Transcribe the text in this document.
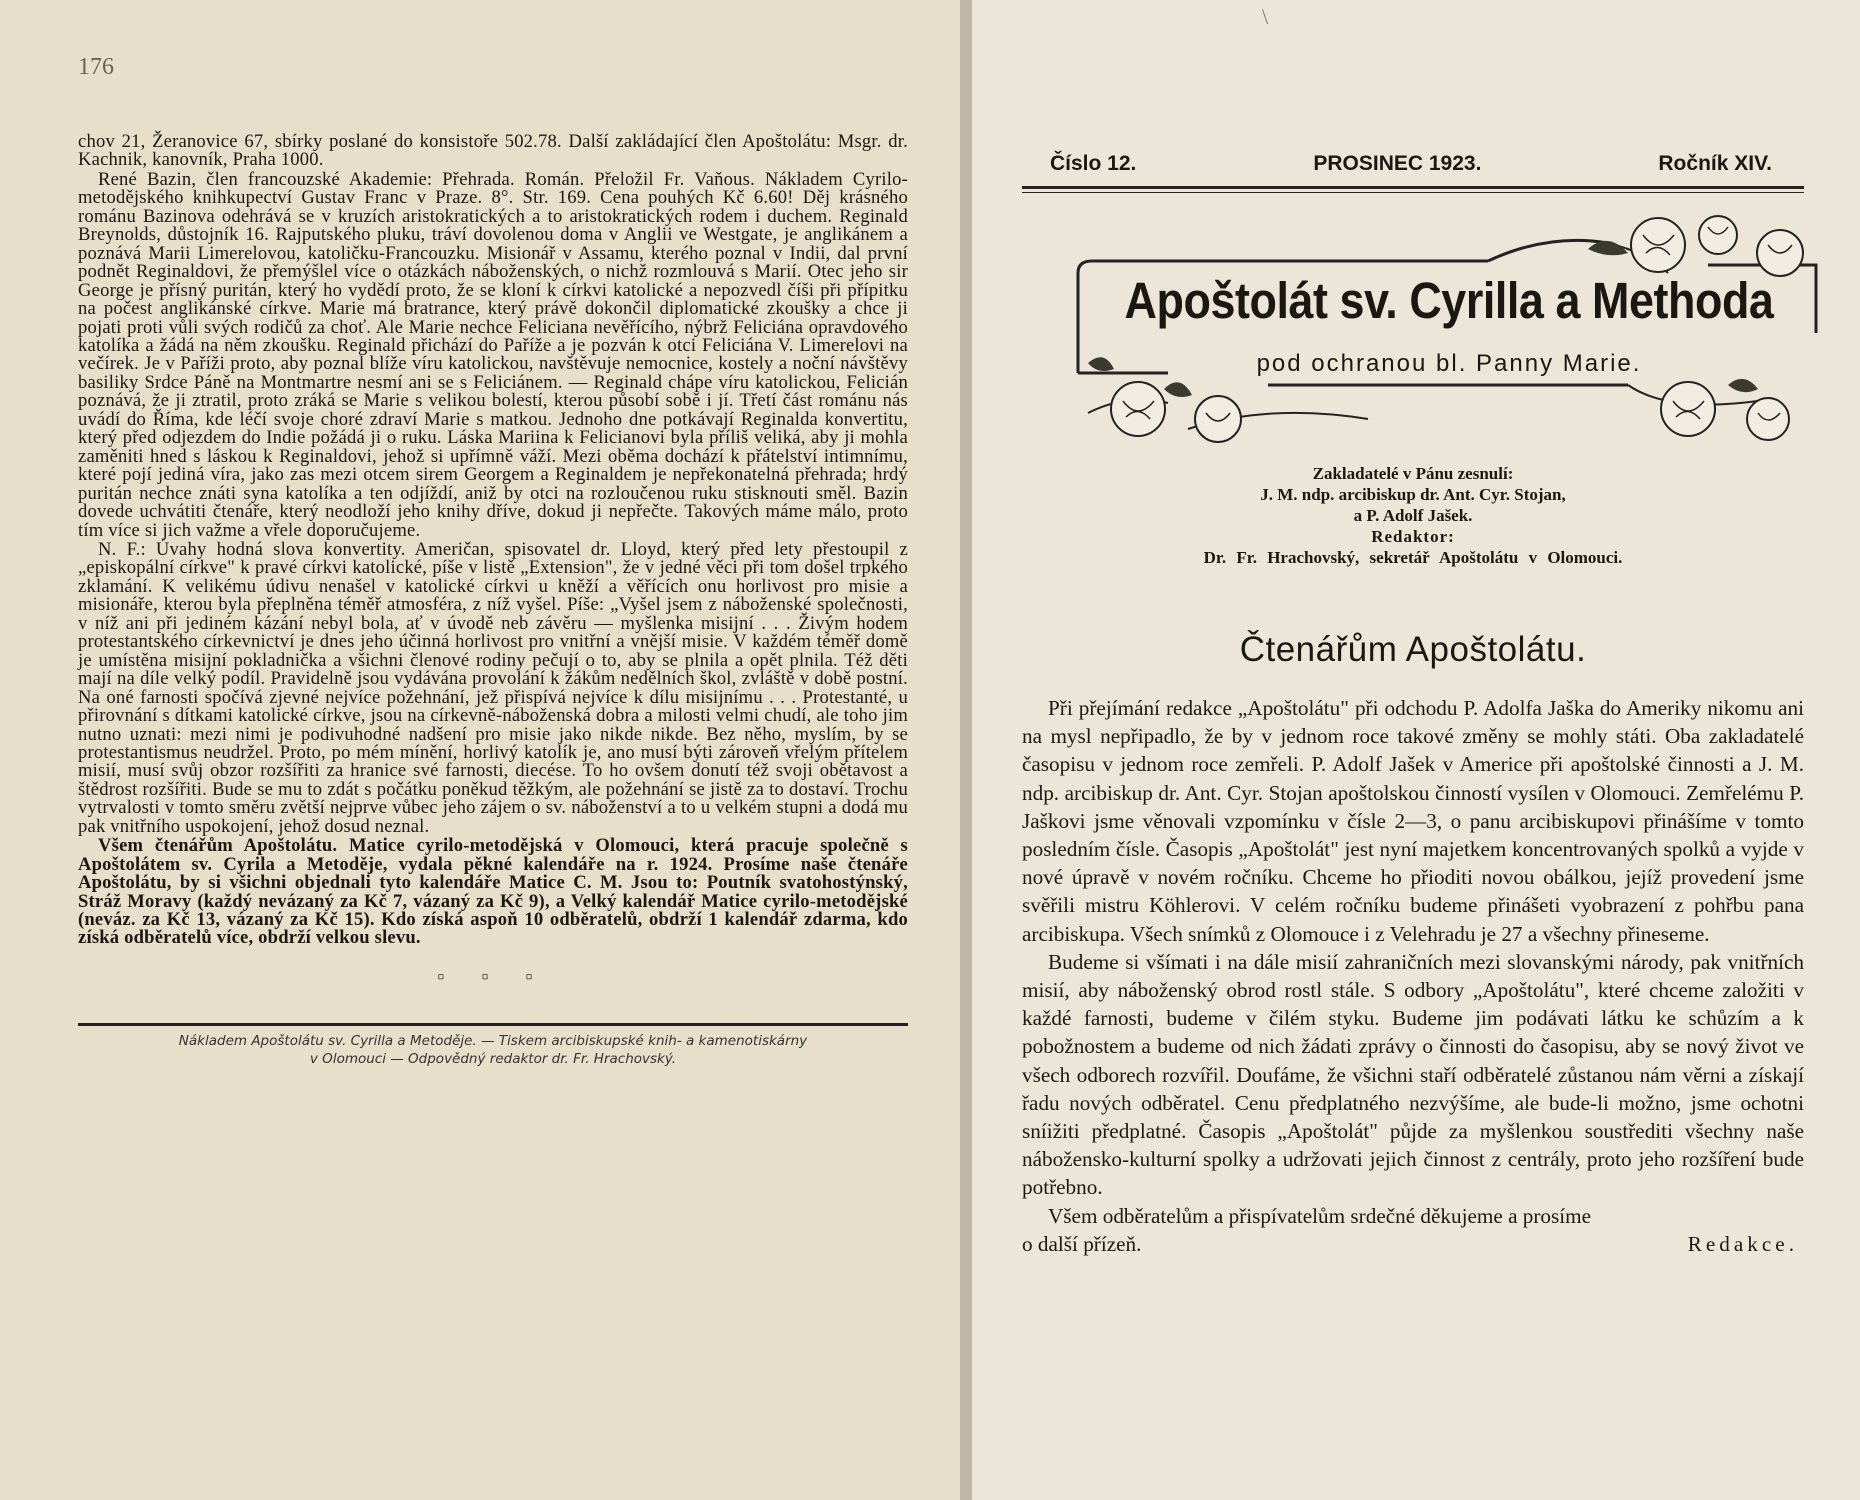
176

chov 21, Žeranovice 67, sbírky poslané do konsistoře 502.78. Další zakládající člen Apoštolátu: Msgr. dr. Kachnik, kanovník, Praha 1000.

René Bazin, člen francouzské Akademie: Přehrada. Román. Přeložil Fr. Vaňous. Nákladem Cyrilo-metodějského knihkupectví Gustav Franc v Praze. 8°. Str. 169. Cena pouhých Kč 6.60! Děj krásného románu Bazinova odehrává se v kruzích aristokratických a to aristokratických rodem i duchem. Reginald Breynolds, důstojník 16. Rajputského pluku, tráví dovolenou doma v Anglii ve Westgate, je anglikánem a poznává Marii Limerelovou, katoličku-Francouzku. Misionář v Assamu, kterého poznal v Indii, dal první podnět Reginaldovi, že přemýšlel více o otázkách náboženských, o nichž rozmlouvá s Marií. Otec jeho sir George je přísný puritán, který ho vydědí proto, že se kloní k církvi katolické a nepozvedl číši při přípitku na počest anglikánské církve. Marie má bratrance, který právě dokončil diplomatické zkoušky a chce ji pojati proti vůli svých rodičů za choť. Ale Marie nechce Feliciana nevěřícího, nýbrž Feliciána opravdového katolíka a žádá na něm zkoušku. Reginald přichází do Paříže a je pozván k otci Feliciána V. Limerelovi na večírek. Je v Paříži proto, aby poznal blíže víru katolickou, navštěvuje nemocnice, kostely a noční návštěvy basiliky Srdce Páně na Montmartre nesmí ani se s Feliciánem. — Reginald chápe víru katolickou, Felicián poznává, že ji ztratil, proto zráká se Marie s velikou bolestí, kterou působí sobě i jí. Třetí část románu nás uvádí do Říma, kde léčí svoje choré zdraví Marie s matkou. Jednoho dne potkávají Reginalda konvertitu, který před odjezdem do Indie požádá ji o ruku. Láska Mariina k Felicianovi byla příliš veliká, aby ji mohla zaměniti hned s láskou k Reginaldovi, jehož si upřímně váží. Mezi oběma dochází k přátelství intimnímu, které pojí jediná víra, jako zas mezi otcem sirem Georgem a Reginaldem je nepřekonatelná přehrada; hrdý puritán nechce znáti syna katolíka a ten odjíždí, aniž by otci na rozloučenou ruku stisknouti směl. Bazin dovede uchvátiti čtenáře, který neodloží jeho knihy dříve, dokud ji nepřečte. Takových máme málo, proto tím více si jich važme a vřele doporučujeme.

N. F.: Úvahy hodná slova konvertity. Američan, spisovatel dr. Lloyd, který před lety přestoupil z „episkopální církve" k pravé církvi katolické, píše v listě „Extension", že v jedné věci při tom došel trpkého zklamání. K velikému údivu nenašel v katolické církvi u kněží a věřících onu horlivost pro misie a misionáře, kterou byla přeplněna téměř atmosféra, z níž vyšel. Píše: „Vyšel jsem z náboženské společnosti, v níž ani při jediném kázání nebyl bola, ať v úvodě neb závěru — myšlenka misijní . . . Živým hodem protestantského církevnictví je dnes jeho účinná horlivost pro vnitřní a vnější misie. V každém téměř domě je umístěna misijní pokladnička a všichni členové rodiny pečují o to, aby se plnila a opět plnila. Též děti mají na díle velký podíl. Pravidelně jsou vydávána provolání k žákům nedělních škol, zvláště v době postní. Na oné farnosti spočívá zjevné nejvíce požehnání, jež přispívá nejvíce k dílu misijnímu . . . Protestanté, u přirovnání s dítkami katolické církve, jsou na církevně-náboženská dobra a milosti velmi chudí, ale toho jim nutno uznati: mezi nimi je podivuhodné nadšení pro misie jako nikde nikde. Bez něho, myslím, by se protestantismus neudržel. Proto, po mém mínění, horlivý katolík je, ano musí býti zároveň vřelým přítelem misií, musí svůj obzor rozšířiti za hranice své farnosti, diecése. To ho ovšem donutí též svoji obětavost a štědrost rozšířiti. Bude se mu to zdát s počátku poněkud těžkým, ale požehnání se jistě za to dostaví. Trochu vytrvalosti v tomto směru zvětší nejprve vůbec jeho zájem o sv. náboženství a to u velkém stupni a dodá mu pak vnitřního uspokojení, jehož dosud neznal.

Všem čtenářům Apoštolátu. Matice cyrilo-metodějská v Olomouci, která pracuje společně s Apoštolátem sv. Cyrila a Metoděje, vydala pěkné kalendáře na r. 1924. Prosíme naše čtenáře Apoštolátu, by si všichni objednali tyto kalendáře Matice C. M. Jsou to: Poutník svatohostýnský, Stráž Moravy (každý nevázaný za Kč 7, vázaný za Kč 9), a Velký kalendář Matice cyrilo-metodějské (neváz. za Kč 13, vázaný za Kč 15). Kdo získá aspoň 10 odběratelů, obdrží 1 kalendář zdarma, kdo získá odběratelů více, obdrží velkou slevu.

▫ ▫ ▫
Nákladem Apoštolátu sv. Cyrilla a Metoděje. — Tiskem arcibiskupské knih- a kamenotiskárny
v Olomouci — Odpovědný redaktor dr. Fr. Hrachovský.
\
Číslo 12.	PROSINEC 1923.	Ročník XIV.
Apoštolát sv. Cyrilla a Methoda
pod ochranou bl. Panny Marie.
Zakladatelé v Pánu zesnulí:
J. M. ndp. arcibiskup dr. Ant. Cyr. Stojan,
a P. Adolf Jašek.
Redaktor:
Dr. Fr. Hrachovský, sekretář Apoštolátu v Olomouci.
Čtenářům Apoštolátu.

Při přejímání redakce „Apoštolátu" při odchodu P. Adolfa Jaška do Ameriky nikomu ani na mysl nepřipadlo, že by v jednom roce takové změny se mohly státi. Oba zakladatelé časopisu v jednom roce zemřeli. P. Adolf Jašek v Americe při apoštolské činnosti a J. M. ndp. arcibiskup dr. Ant. Cyr. Stojan apoštolskou činností vysílen v Olomouci. Zemřelému P. Jaškovi jsme věnovali vzpomínku v čísle 2—3, o panu arcibiskupovi přinášíme v tomto posledním čísle. Časopis „Apoštolát" jest nyní majetkem koncentrovaných spolků a vyjde v nové úpravě v novém ročníku. Chceme ho přioditi novou obálkou, jejíž provedení jsme svěřili mistru Köhlerovi. V celém ročníku budeme přinášeti vyobrazení z pohřbu pana arcibiskupa. Všech snímků z Olomouce i z Velehradu je 27 a všechny přineseme.

Budeme si všímati i na dále misií zahraničních mezi slovanskými národy, pak vnitřních misií, aby náboženský obrod rostl stále. S odbory „Apoštolátu", které chceme založiti v každé farnosti, budeme v čilém styku. Budeme jim podávati látku ke schůzím a k pobožnostem a budeme od nich žádati zprávy o činnosti do časopisu, aby se nový život ve všech odborech rozvířil. Doufáme, že všichni staří odběratelé zůstanou nám věrni a získají řadu nových odběratel. Cenu předplatného nezvýšíme, ale bude-li možno, jsme ochotni sníižiti předplatné. Časopis „Apoštolát" půjde za myšlenkou soustřediti všechny naše nábožensko-kulturní spolky a udržovati jejich činnost z centrály, proto jeho rozšíření bude potřebno.

Všem odběratelům a přispívatelům srdečné děkujeme a prosíme

o další přízeň.	Redakce.
